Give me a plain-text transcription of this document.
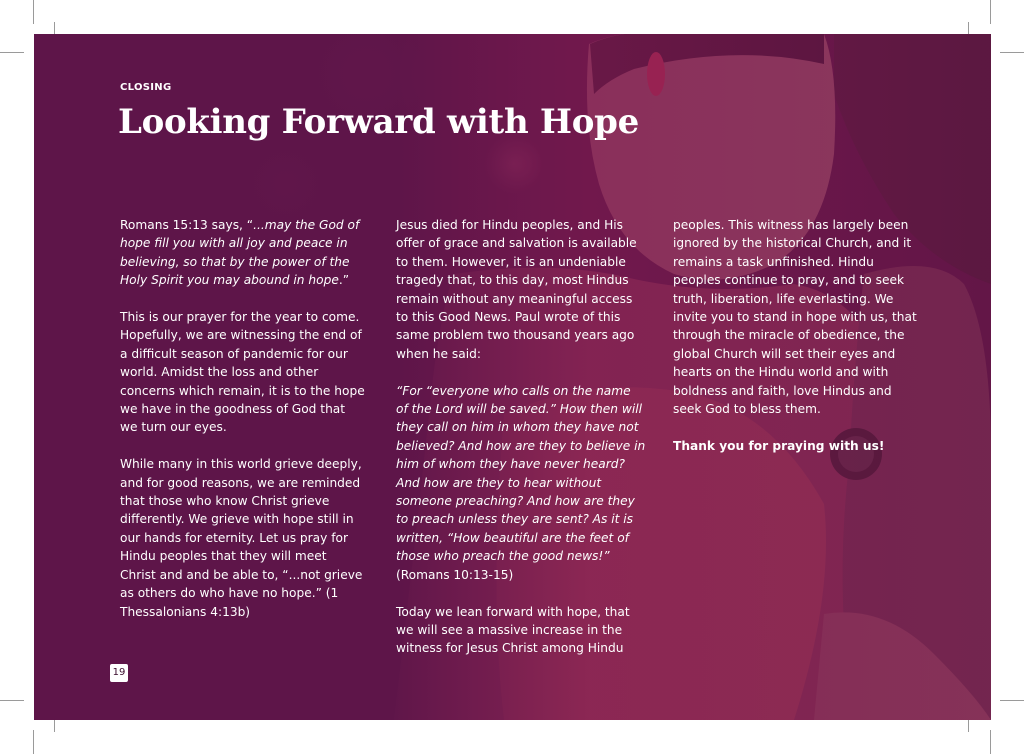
CLOSING
Looking Forward with Hope

Romans 15:13 says, “...may the God of hope fill you with all joy and peace in believing, so that by the power of the Holy Spirit you may abound in hope.”

This is our prayer for the year to come. Hopefully, we are witnessing the end of a difficult season of pandemic for our world. Amidst the loss and other concerns which remain, it is to the hope we have in the goodness of God that we turn our eyes.

While many in this world grieve deeply, and for good reasons, we are reminded that those who know Christ grieve differently. We grieve with hope still in our hands for eternity. Let us pray for Hindu peoples that they will meet Christ and and be able to, “...not grieve as others do who have no hope.” (1 Thessalonians 4:13b)

Jesus died for Hindu peoples, and His offer of grace and salvation is available to them. However, it is an undeniable tragedy that, to this day, most Hindus remain without any meaningful access to this Good News. Paul wrote of this same problem two thousand years ago when he said:

“For “everyone who calls on the name of the Lord will be saved.” How then will they call on him in whom they have not believed? And how are they to believe in him of whom they have never heard? And how are they to hear without someone preaching? And how are they to preach unless they are sent? As it is written, “How beautiful are the feet of those who preach the good news!”
(Romans 10:13-15)

Today we lean forward with hope, that we will see a massive increase in the witness for Jesus Christ among Hindu

peoples. This witness has largely been ignored by the historical Church, and it remains a task unfinished. Hindu peoples continue to pray, and to seek truth, liberation, life everlasting. We invite you to stand in hope with us, that through the miracle of obedience, the global Church will set their eyes and hearts on the Hindu world and with boldness and faith, love Hindus and seek God to bless them.

Thank you for praying with us!

19
